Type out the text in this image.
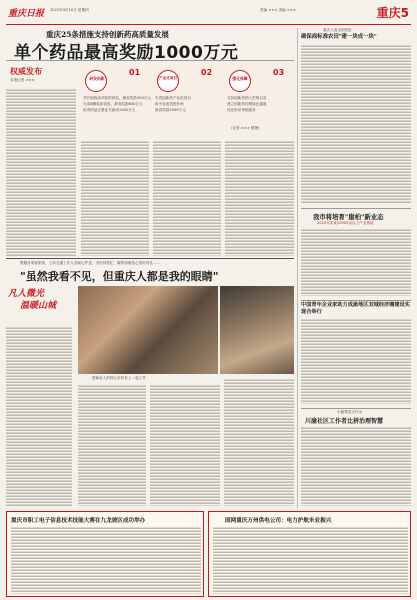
重庆日报 2022年3月10日 星期四	责编 ××× 美编 ×××	重庆5
重庆25条措施支持创新药高质量发展
单个药品最高奖励1000万元
权威发布
本报记者 ×××
01
研发创新
对开展临床试验的药品，最高奖励300万元
完成Ⅲ期临床试验，最高奖励600万元
取得药品注册证书最高1000万元
02
产业化项目
引进创新药产业化项目
给予设备投资补助
最高奖励1000万元
03
强化保障
支持创新药纳入医保目录
建立创新药挂网绿色通道
优化审评审批服务
(记者 ××× 整理)
重庆入选全国首批
确保商标准农田"建一块成一块"
我市将培育"崖柏"新业态
2025年实现10000亩以上产业基地
中国青年企业家助力成渝地区双城经济圈建设实现合举行
小板凳讲大作为
川渝社区工作者比拼治理智慧
既服务乘客旅游，公共交通工作人员耐心护送，市民持帮忙，耀哥请航拍心里好有社……
"虽然我看不见，但重庆人都是我的眼睛"
凡人微光
温暖山城
帮助盲人的热心市民在上一起工作
重庆市职工电子信息技术技能大赛在九龙坡区成功举办	国网重庆万州供电公司：电力护航米业振兴
